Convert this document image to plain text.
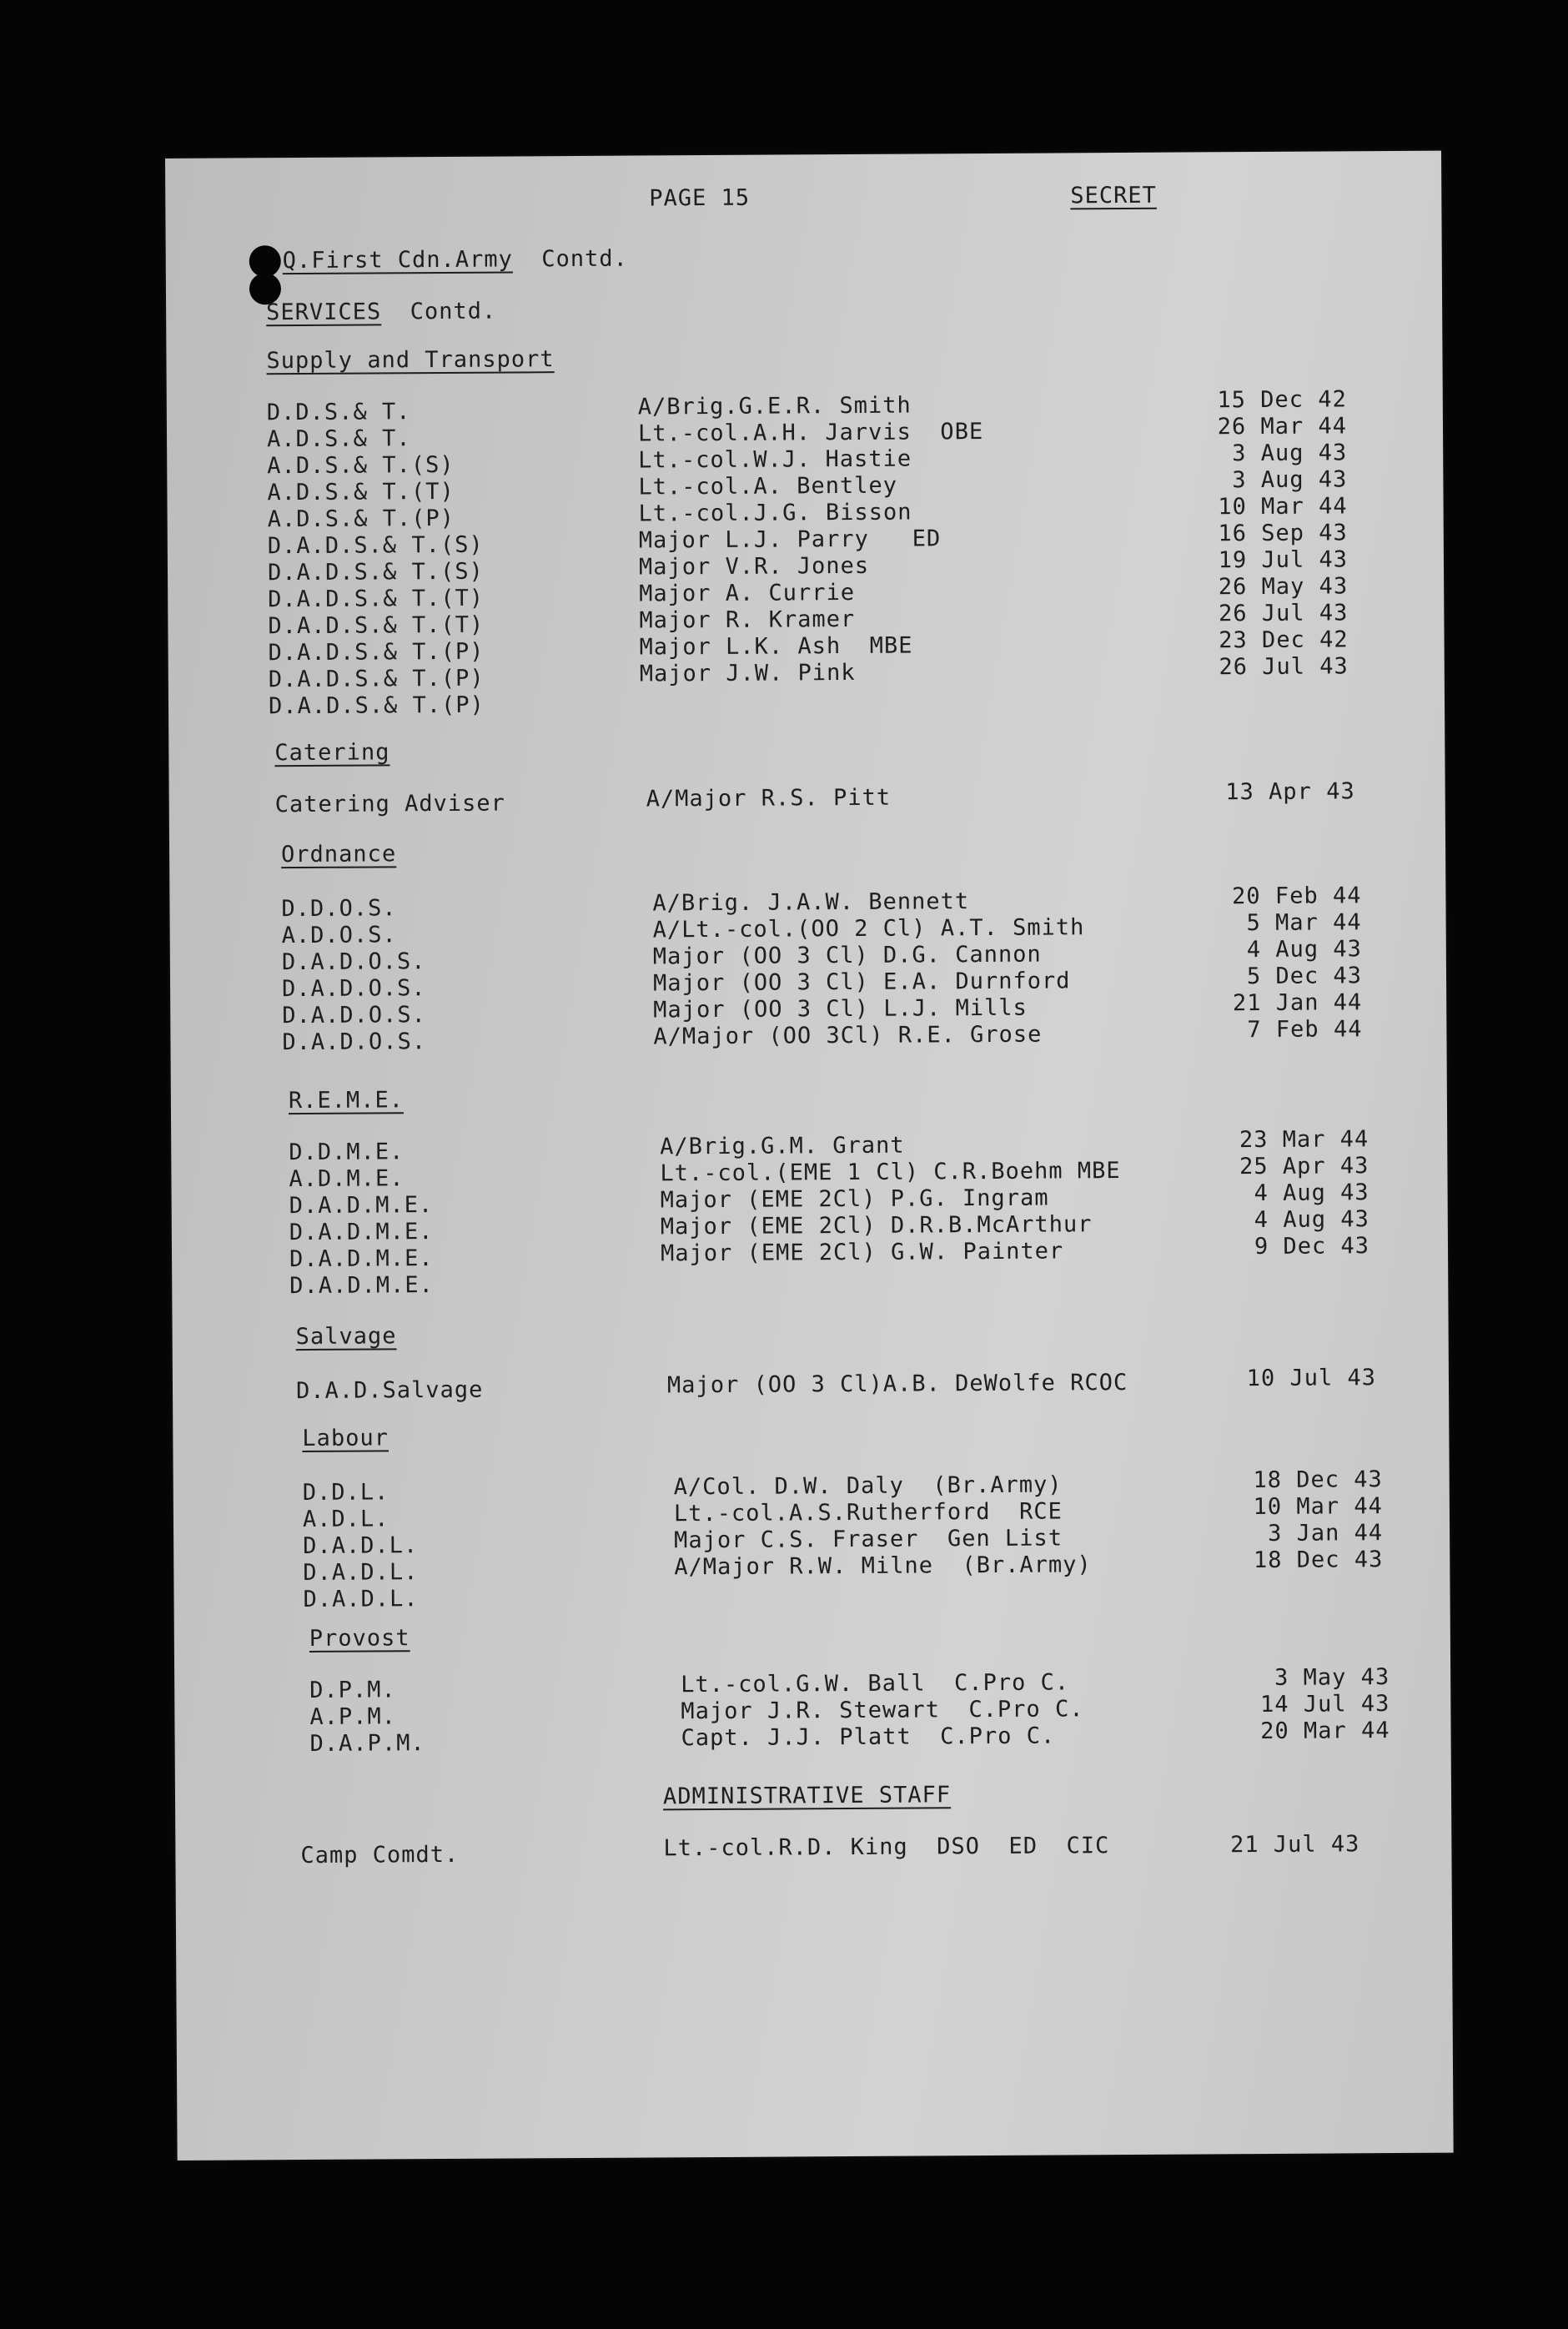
PAGE 15	SECRET
Q.First Cdn.Army Contd.
SERVICES Contd.
Supply and Transport
D.D.S.& T.	A/Brig.G.E.R. Smith	15 Dec 42
A.D.S.& T.	Lt.-col.A.H. Jarvis  OBE	26 Mar 44
A.D.S.& T.(S)	Lt.-col.W.J. Hastie	3 Aug 43
A.D.S.& T.(T)	Lt.-col.A. Bentley	3 Aug 43
A.D.S.& T.(P)	Lt.-col.J.G. Bisson	10 Mar 44
D.A.D.S.& T.(S)	Major L.J. Parry   ED	16 Sep 43
D.A.D.S.& T.(S)	Major V.R. Jones	19 Jul 43
D.A.D.S.& T.(T)	Major A. Currie	26 May 43
D.A.D.S.& T.(T)	Major R. Kramer	26 Jul 43
D.A.D.S.& T.(P)	Major L.K. Ash  MBE	23 Dec 42
D.A.D.S.& T.(P)	Major J.W. Pink	26 Jul 43
D.A.D.S.& T.(P)
Catering
Catering Adviser	A/Major R.S. Pitt	13 Apr 43
Ordnance
D.D.O.S.	A/Brig. J.A.W. Bennett	20 Feb 44
A.D.O.S.	A/Lt.-col.(OO 2 Cl) A.T. Smith	5 Mar 44
D.A.D.O.S.	Major (OO 3 Cl) D.G. Cannon	4 Aug 43
D.A.D.O.S.	Major (OO 3 Cl) E.A. Durnford	5 Dec 43
D.A.D.O.S.	Major (OO 3 Cl) L.J. Mills	21 Jan 44
D.A.D.O.S.	A/Major (OO 3Cl) R.E. Grose	7 Feb 44
R.E.M.E.
D.D.M.E.	A/Brig.G.M. Grant	23 Mar 44
A.D.M.E.	Lt.-col.(EME 1 Cl) C.R.Boehm MBE	25 Apr 43
D.A.D.M.E.	Major (EME 2Cl) P.G. Ingram	4 Aug 43
D.A.D.M.E.	Major (EME 2Cl) D.R.B.McArthur	4 Aug 43
D.A.D.M.E.	Major (EME 2Cl) G.W. Painter	9 Dec 43
D.A.D.M.E.
Salvage
D.A.D.Salvage	Major (OO 3 Cl)A.B. DeWolfe RCOC	10 Jul 43
Labour
D.D.L.	A/Col. D.W. Daly  (Br.Army)	18 Dec 43
A.D.L.	Lt.-col.A.S.Rutherford  RCE	10 Mar 44
D.A.D.L.	Major C.S. Fraser  Gen List	3 Jan 44
D.A.D.L.	A/Major R.W. Milne  (Br.Army)	18 Dec 43
D.A.D.L.
Provost
D.P.M.	Lt.-col.G.W. Ball  C.Pro C.	3 May 43
A.P.M.	Major J.R. Stewart  C.Pro C.	14 Jul 43
D.A.P.M.	Capt. J.J. Platt  C.Pro C.	20 Mar 44
ADMINISTRATIVE STAFF
Camp Comdt.	Lt.-col.R.D. King  DSO  ED  CIC	21 Jul 43
